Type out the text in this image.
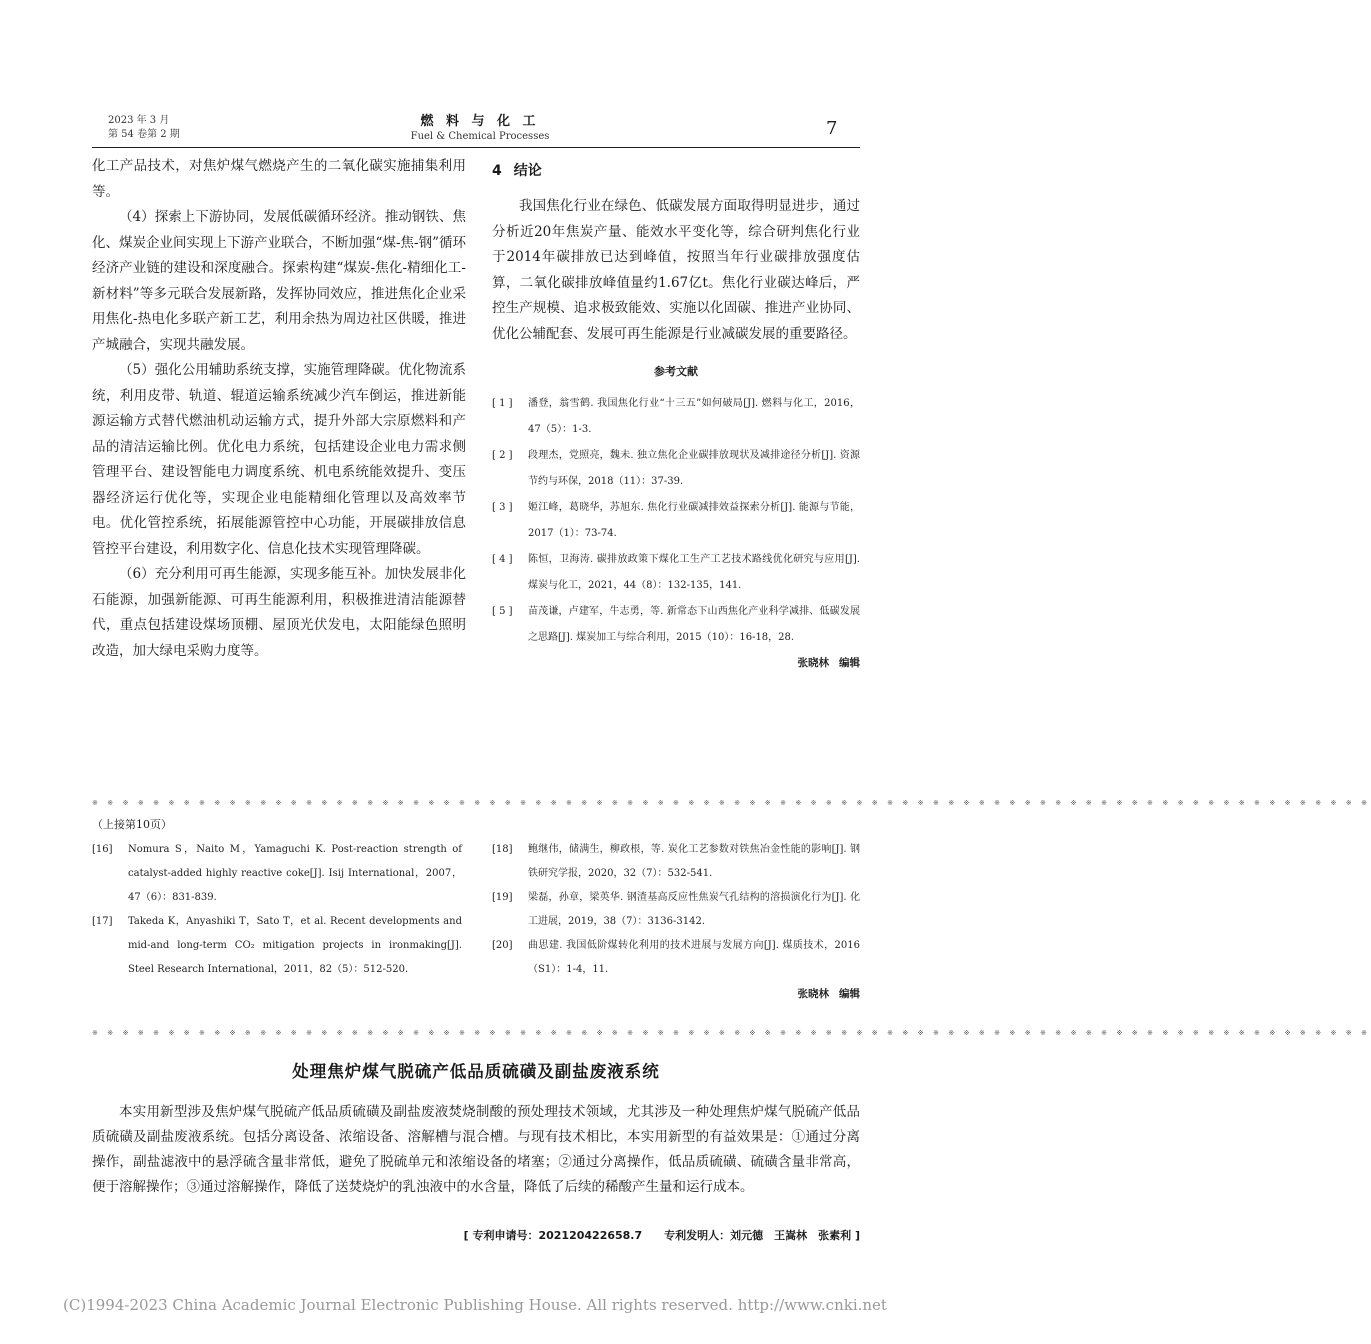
2023 年 3 月
第 54 卷第 2 期
燃 料 与 化 工
Fuel & Chemical Processes	7

化工产品技术，对焦炉煤气燃烧产生的二氧化碳实施捕集利用等。

（4）探索上下游协同，发展低碳循环经济。推动钢铁、焦化、煤炭企业间实现上下游产业联合，不断加强“煤-焦-钢”循环经济产业链的建设和深度融合。探索构建“煤炭-焦化-精细化工-新材料”等多元联合发展新路，发挥协同效应，推进焦化企业采用焦化-热电化多联产新工艺，利用余热为周边社区供暖，推进产城融合，实现共融发展。

（5）强化公用辅助系统支撑，实施管理降碳。优化物流系统，利用皮带、轨道、辊道运输系统减少汽车倒运，推进新能源运输方式替代燃油机动运输方式，提升外部大宗原燃料和产品的清洁运输比例。优化电力系统，包括建设企业电力需求侧管理平台、建设智能电力调度系统、机电系统能效提升、变压器经济运行优化等，实现企业电能精细化管理以及高效率节电。优化管控系统，拓展能源管控中心功能，开展碳排放信息管控平台建设，利用数字化、信息化技术实现管理降碳。

（6）充分利用可再生能源，实现多能互补。加快发展非化石能源，加强新能源、可再生能源利用，积极推进清洁能源替代，重点包括建设煤场顶棚、屋顶光伏发电，太阳能绿色照明改造，加大绿电采购力度等。

4 结论

我国焦化行业在绿色、低碳发展方面取得明显进步，通过分析近20年焦炭产量、能效水平变化等，综合研判焦化行业于2014年碳排放已达到峰值，按照当年行业碳排放强度估算，二氧化碳排放峰值量约1.67亿t。焦化行业碳达峰后，严控生产规模、追求极致能效、实施以化固碳、推进产业协同、优化公辅配套、发展可再生能源是行业减碳发展的重要路径。

参考文献
[ 1 ]	潘登，翁雪鹤. 我国焦化行业“十三五”如何破局[J]. 燃料与化工，2016，47（5）：1-3.
[ 2 ]	段理杰，党照亮，魏未. 独立焦化企业碳排放现状及减排途径分析[J]. 资源节约与环保，2018（11）：37-39.
[ 3 ]	姬江峰，葛晓华，苏旭东. 焦化行业碳减排效益探索分析[J]. 能源与节能，2017（1）：73-74.
[ 4 ]	陈恒，卫海涛. 碳排放政策下煤化工生产工艺技术路线优化研究与应用[J]. 煤炭与化工，2021，44（8）：132-135，141.
[ 5 ]	苗茂谦，卢建军，牛志勇，等. 新常态下山西焦化产业科学减排、低碳发展之思路[J]. 煤炭加工与综合利用，2015（10）：16-18，28.
张晓林 编辑
※ ※ ※ ※ ※ ※ ※ ※ ※ ※ ※ ※ ※ ※ ※ ※ ※ ※ ※ ※ ※ ※ ※ ※ ※ ※ ※ ※ ※ ※ ※ ※ ※ ※ ※ ※ ※ ※ ※ ※ ※ ※ ※ ※ ※ ※ ※ ※ ※ ※ ※ ※ ※ ※ ※ ※ ※ ※ ※ ※ ※ ※ ※ ※ ※ ※ ※ ※ ※ ※ ※ ※ ※ ※ ※ ※ ※ ※ ※ ※ ※ ※ ※ ※
（上接第10页）
[16]	Nomura S，Naito M，Yamaguchi K. Post-reaction strength of catalyst-added highly reactive coke[J]. Isij International，2007，47（6）：831-839.
[17]	Takeda K，Anyashiki T，Sato T，et al. Recent developments and mid-and long-term CO₂ mitigation projects in ironmaking[J]. Steel Research International，2011，82（5）：512-520.
[18]	鲍继伟，储满生，柳政根，等. 炭化工艺参数对铁焦冶金性能的影响[J]. 钢铁研究学报，2020，32（7）：532-541.
[19]	梁磊，孙章，梁英华. 钢渣基高反应性焦炭气孔结构的溶损演化行为[J]. 化工进展，2019，38（7）：3136-3142.
[20]	曲思建. 我国低阶煤转化利用的技术进展与发展方向[J]. 煤质技术，2016（S1）：1-4，11.
张晓林 编辑
※ ※ ※ ※ ※ ※ ※ ※ ※ ※ ※ ※ ※ ※ ※ ※ ※ ※ ※ ※ ※ ※ ※ ※ ※ ※ ※ ※ ※ ※ ※ ※ ※ ※ ※ ※ ※ ※ ※ ※ ※ ※ ※ ※ ※ ※ ※ ※ ※ ※ ※ ※ ※ ※ ※ ※ ※ ※ ※ ※ ※ ※ ※ ※ ※ ※ ※ ※ ※ ※ ※ ※ ※ ※ ※ ※ ※ ※ ※ ※ ※ ※ ※ ※
处理焦炉煤气脱硫产低品质硫磺及副盐废液系统

本实用新型涉及焦炉煤气脱硫产低品质硫磺及副盐废液焚烧制酸的预处理技术领域，尤其涉及一种处理焦炉煤气脱硫产低品质硫磺及副盐废液系统。包括分离设备、浓缩设备、溶解槽与混合槽。与现有技术相比，本实用新型的有益效果是：①通过分离操作，副盐滤液中的悬浮硫含量非常低，避免了脱硫单元和浓缩设备的堵塞；②通过分离操作，低品质硫磺、硫磺含量非常高，便于溶解操作；③通过溶解操作，降低了送焚烧炉的乳浊液中的水含量，降低了后续的稀酸产生量和运行成本。

[ 专利申请号：202120422658.7　　专利发明人：刘元德　王嵩林　张素利 ]
(C)1994-2023 China Academic Journal Electronic Publishing House. All rights reserved. http://www.cnki.net
